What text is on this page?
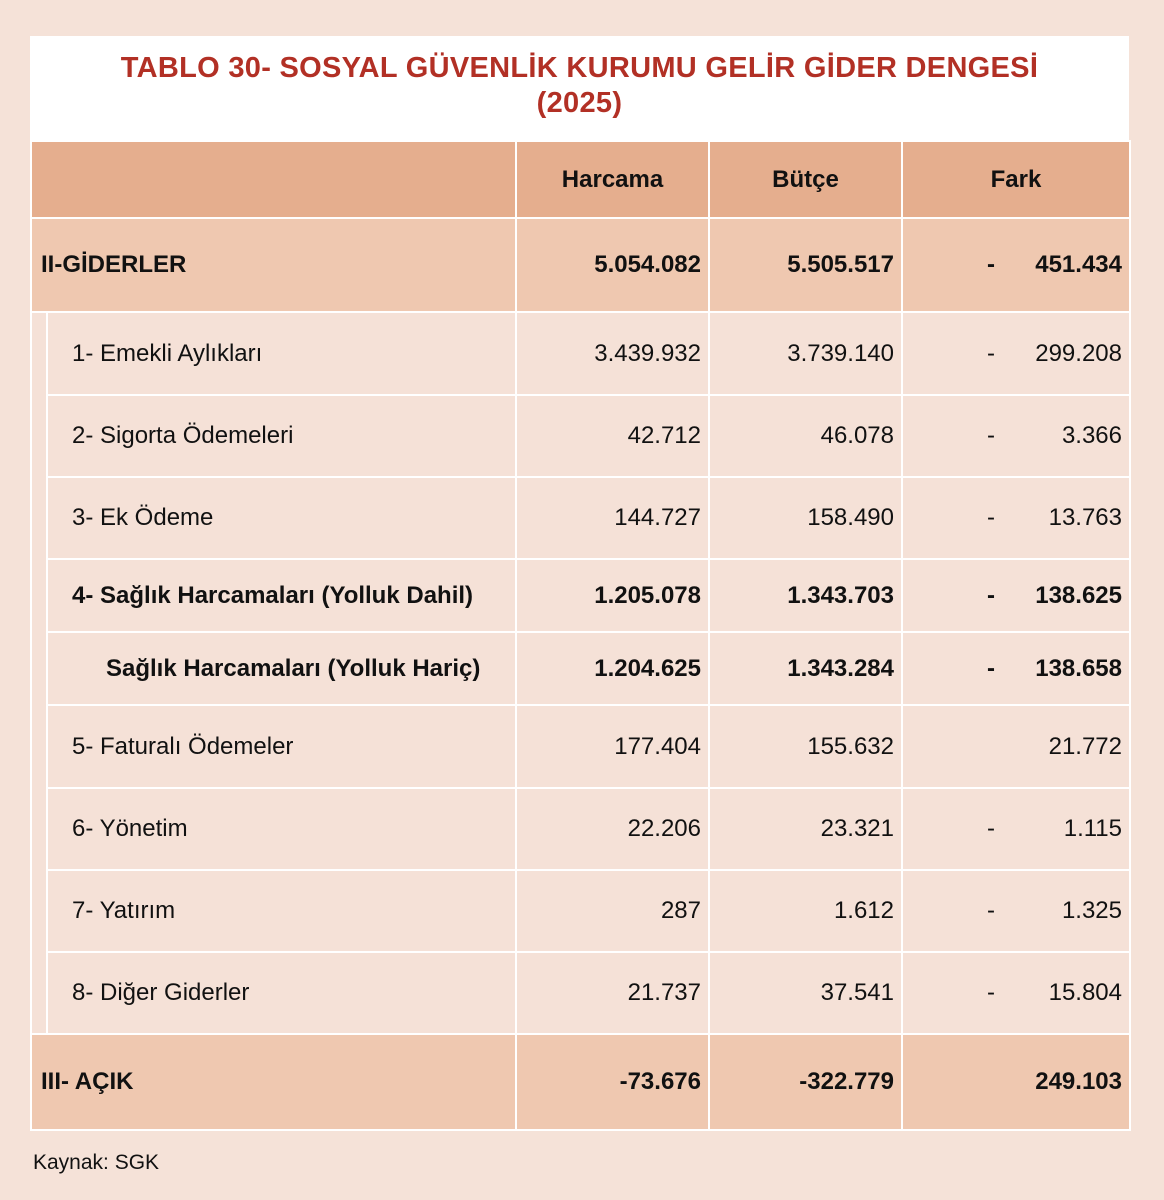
TABLO 30- SOSYAL GÜVENLİK KURUMU GELİR GİDER DENGESİ
(2025)
		Harcama	Bütçe	Fark
II-GİDERLER		5.054.082	5.505.517	- 451.434

	1- Emekli Aylıkları	3.439.932	3.739.140	- 299.208

	2- Sigorta Ödemeleri	42.712	46.078	- 3.366

	3- Ek Ödeme	144.727	158.490	- 13.763

	4- Sağlık Harcamaları (Yolluk Dahil)	1.205.078	1.343.703	- 138.625

	Sağlık Harcamaları (Yolluk Hariç)	1.204.625	1.343.284	- 138.658

	5- Faturalı Ödemeler	177.404	155.632	21.772

	6- Yönetim	22.206	23.321	- 1.115

	7- Yatırım	287	1.612	- 1.325

	8- Diğer Giderler	21.737	37.541	- 15.804

III- AÇIK		-73.676	-322.779	249.103
Kaynak: SGK
